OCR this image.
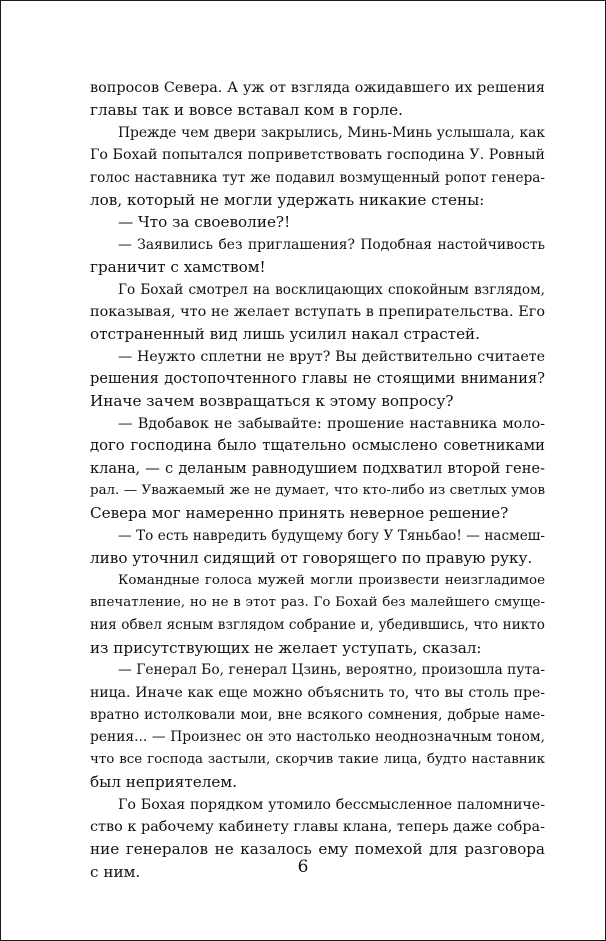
вопросов Севера. А уж от взгляда ожидавшего их решения
главы так и вовсе вставал ком в горле.
Прежде чем двери закрылись, Минь-Минь услышала, как
Го Бохай попытался поприветствовать господина У. Ровный
голос наставника тут же подавил возмущенный ропот генера-
лов, который не могли удержать никакие стены:
— Что за своеволие?!
— Заявились без приглашения? Подобная настойчивость
граничит с хамством!
Го Бохай смотрел на восклицающих спокойным взглядом,
показывая, что не желает вступать в препирательства. Его
отстраненный вид лишь усилил накал страстей.
— Неужто сплетни не врут? Вы действительно считаете
решения достопочтенного главы не стоящими внимания?
Иначе зачем возвращаться к этому вопросу?
— Вдобавок не забывайте: прошение наставника моло-
дого господина было тщательно осмыслено советниками
клана, — с деланым равнодушием подхватил второй генe-
рал. — Уважаемый же не думает, что кто-либо из светлых умов
Севера мог намеренно принять неверное решение?
— То есть навредить будущему богу У Тяньбао! — насмеш-
ливо уточнил сидящий от говорящего по правую руку.
Командные голоса мужей могли произвести неизгладимое
впечатление, но не в этот раз. Го Бохай без малейшего смуще-
ния обвел ясным взглядом собрание и, убедившись, что никто
из присутствующих не желает уступать, сказал:
— Генерал Бо, генерал Цзинь, вероятно, произошла пута-
ница. Иначе как еще можно объяснить то, что вы столь пре-
вратно истолковали мои, вне всякого сомнения, добрые наме-
рения... — Произнес он это настолько неоднозначным тоном,
что все господа застыли, скорчив такие лица, будто наставник
был неприятелем.
Го Бохая порядком утомило бессмысленное паломниче-
ство к рабочему кабинету главы клана, теперь даже собра-
ние генералов не казалось ему помехой для разговора
с ним.	6
